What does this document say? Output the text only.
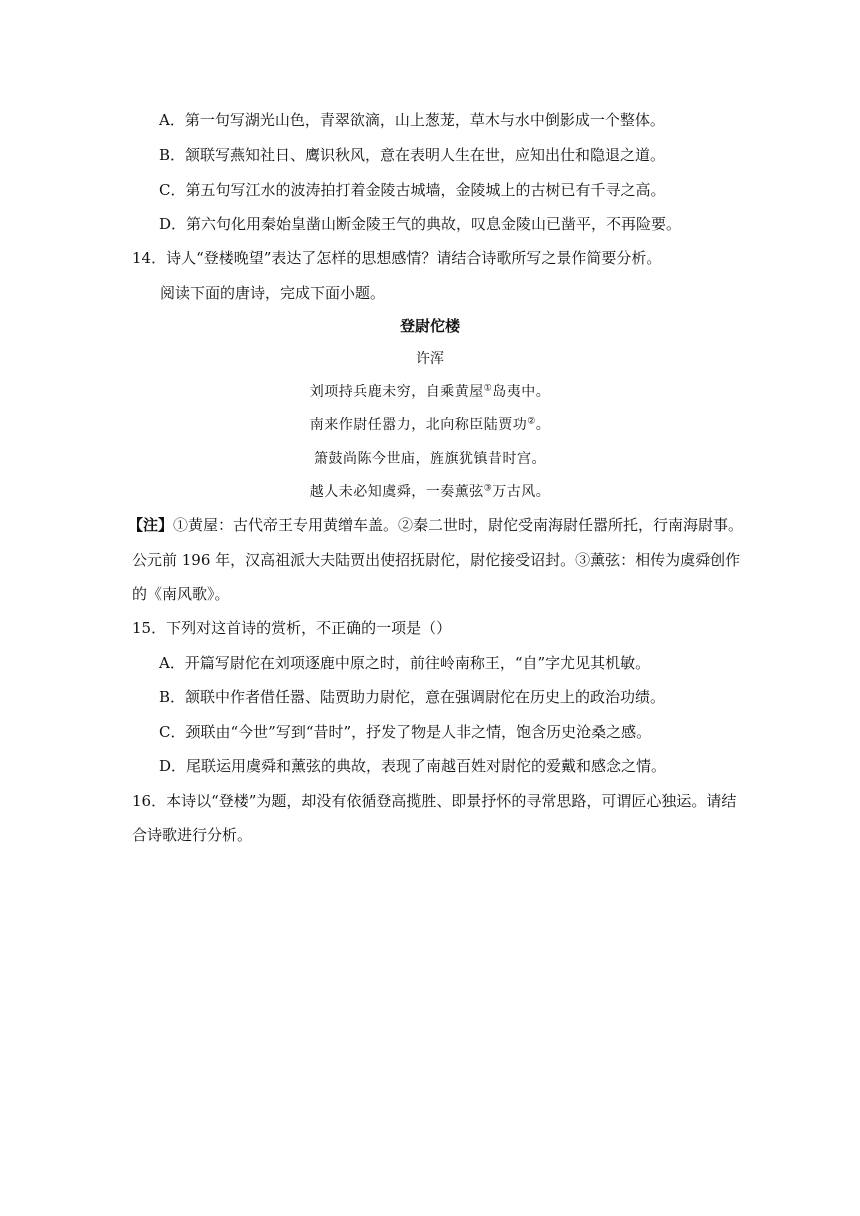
A．第一句写湖光山色，青翠欲滴，山上葱茏，草木与水中倒影成一个整体。
B．颔联写燕知社日、鹰识秋风，意在表明人生在世，应知出仕和隐退之道。
C．第五句写江水的波涛拍打着金陵古城墙，金陵城上的古树已有千寻之高。
D．第六句化用秦始皇凿山断金陵王气的典故，叹息金陵山已凿平，不再险要。
14．诗人“登楼晚望”表达了怎样的思想感情？请结合诗歌所写之景作简要分析。
阅读下面的唐诗，完成下面小题。
登尉佗楼
许浑
刘项持兵鹿未穷，自乘黄屋①岛夷中。
南来作尉任嚣力，北向称臣陆贾功②。
箫鼓尚陈今世庙，旌旗犹镇昔时宫。
越人未必知虞舜，一奏薰弦③万古风。
【注】①黄屋：古代帝王专用黄缯车盖。②秦二世时，尉佗受南海尉任嚣所托，行南海尉事。
公元前 196 年，汉高祖派大夫陆贾出使招抚尉佗，尉佗接受诏封。③薰弦：相传为虞舜创作
的《南风歌》。
15．下列对这首诗的赏析，不正确的一项是（）
A．开篇写尉佗在刘项逐鹿中原之时，前往岭南称王，“自”字尤见其机敏。
B．颔联中作者借任嚣、陆贾助力尉佗，意在强调尉佗在历史上的政治功绩。
C．颈联由“今世”写到“昔时”，抒发了物是人非之情，饱含历史沧桑之感。
D．尾联运用虞舜和薰弦的典故，表现了南越百姓对尉佗的爱戴和感念之情。
16．本诗以“登楼”为题，却没有依循登高揽胜、即景抒怀的寻常思路，可谓匠心独运。请结
合诗歌进行分析。
